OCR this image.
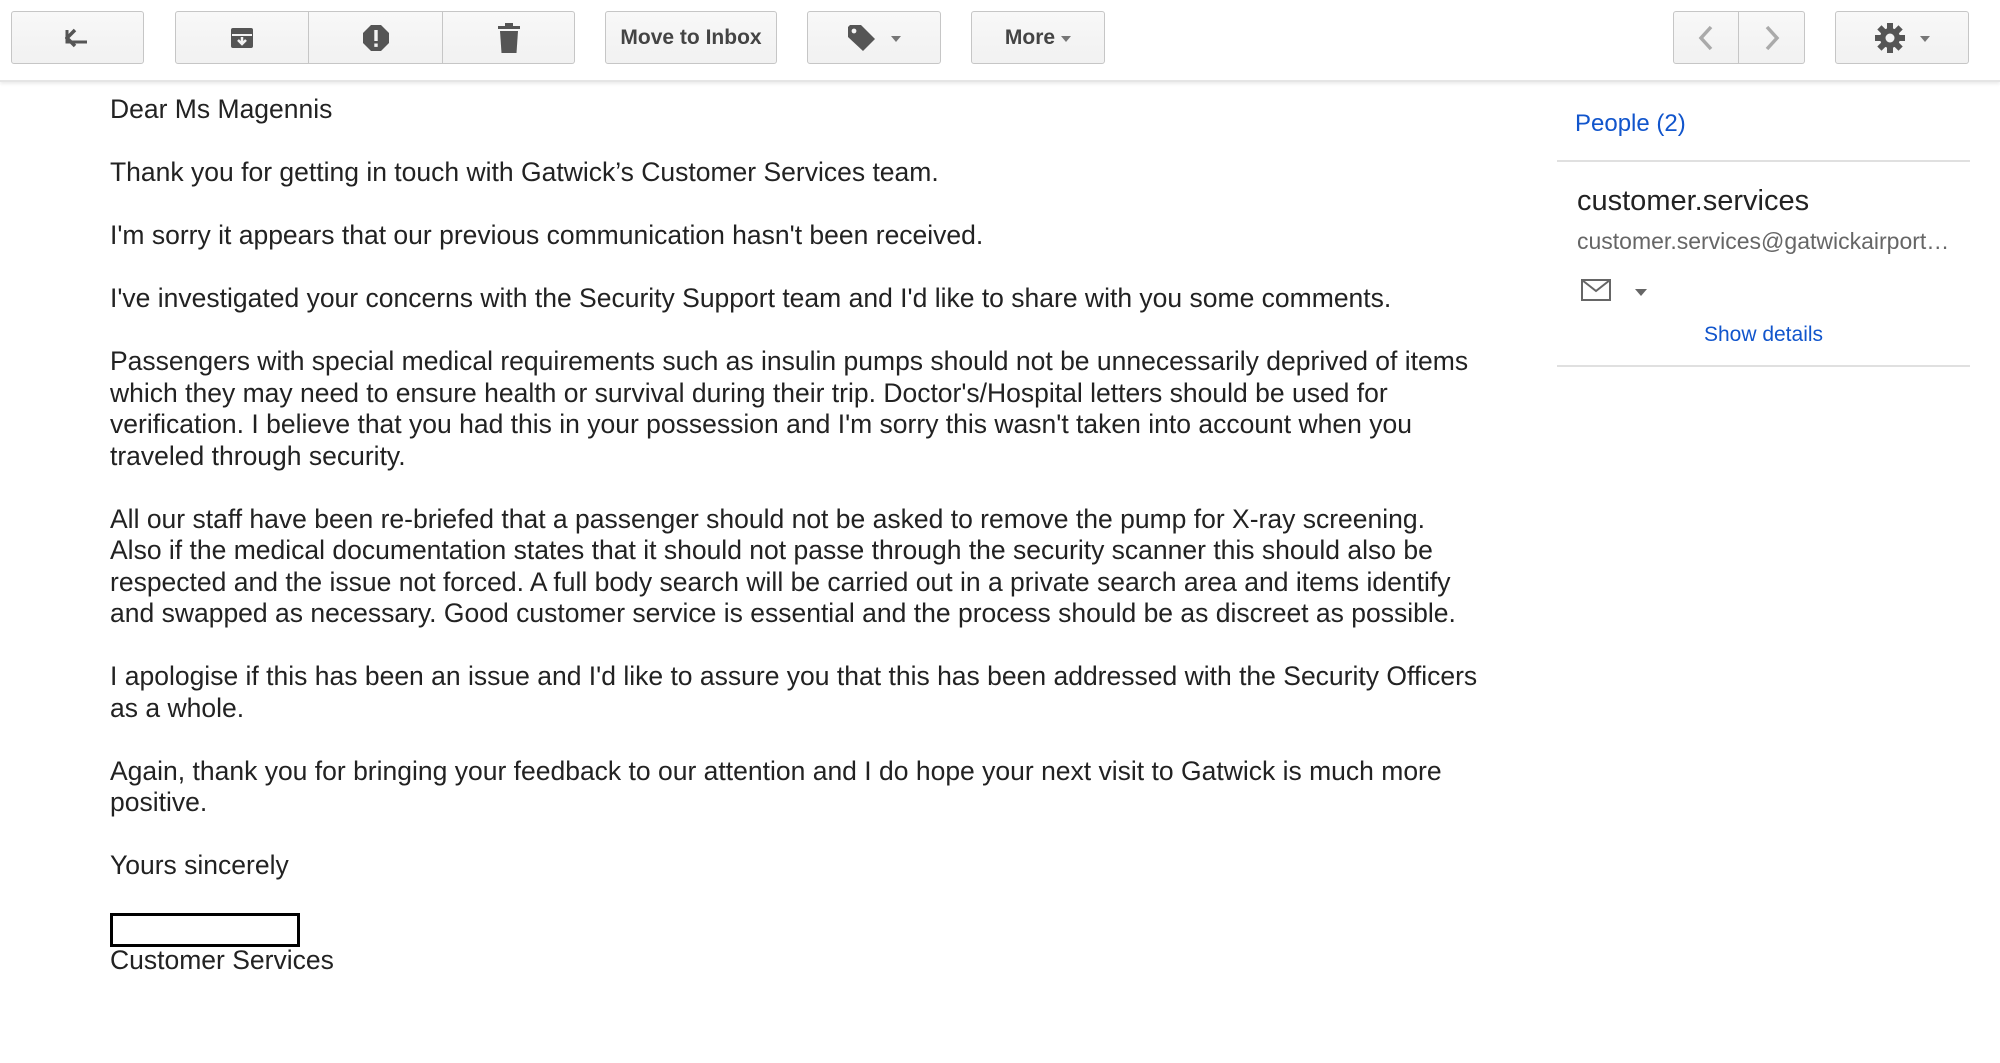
Move to Inbox	More

Dear Ms Magennis

Thank you for getting in touch with Gatwick’s Customer Services team.

I'm sorry it appears that our previous communication hasn't been received.

I've investigated your concerns with the Security Support team and I'd like to share with you some comments.

Passengers with special medical requirements such as insulin pumps should not be unnecessarily deprived of items which they may need to ensure health or survival during their trip. Doctor's/Hospital letters should be used for verification. I believe that you had this in your possession and I'm sorry this wasn't taken into account when you traveled through security.

All our staff have been re-briefed that a passenger should not be asked to remove the pump for X-ray screening. Also if the medical documentation states that it should not passe through the security scanner this should also be respected and the issue not forced. A full body search will be carried out in a private search area and items identify and swapped as necessary. Good customer service is essential and the process should be as discreet as possible.

I apologise if this has been an issue and I'd like to assure you that this has been addressed with the Security Officers as a whole.

Again, thank you for bringing your feedback to our attention and I do hope your next visit to Gatwick is much more positive.

Yours sincerely

Customer Services
People (2)
customer.services
customer.services@gatwickairport…
Show details
